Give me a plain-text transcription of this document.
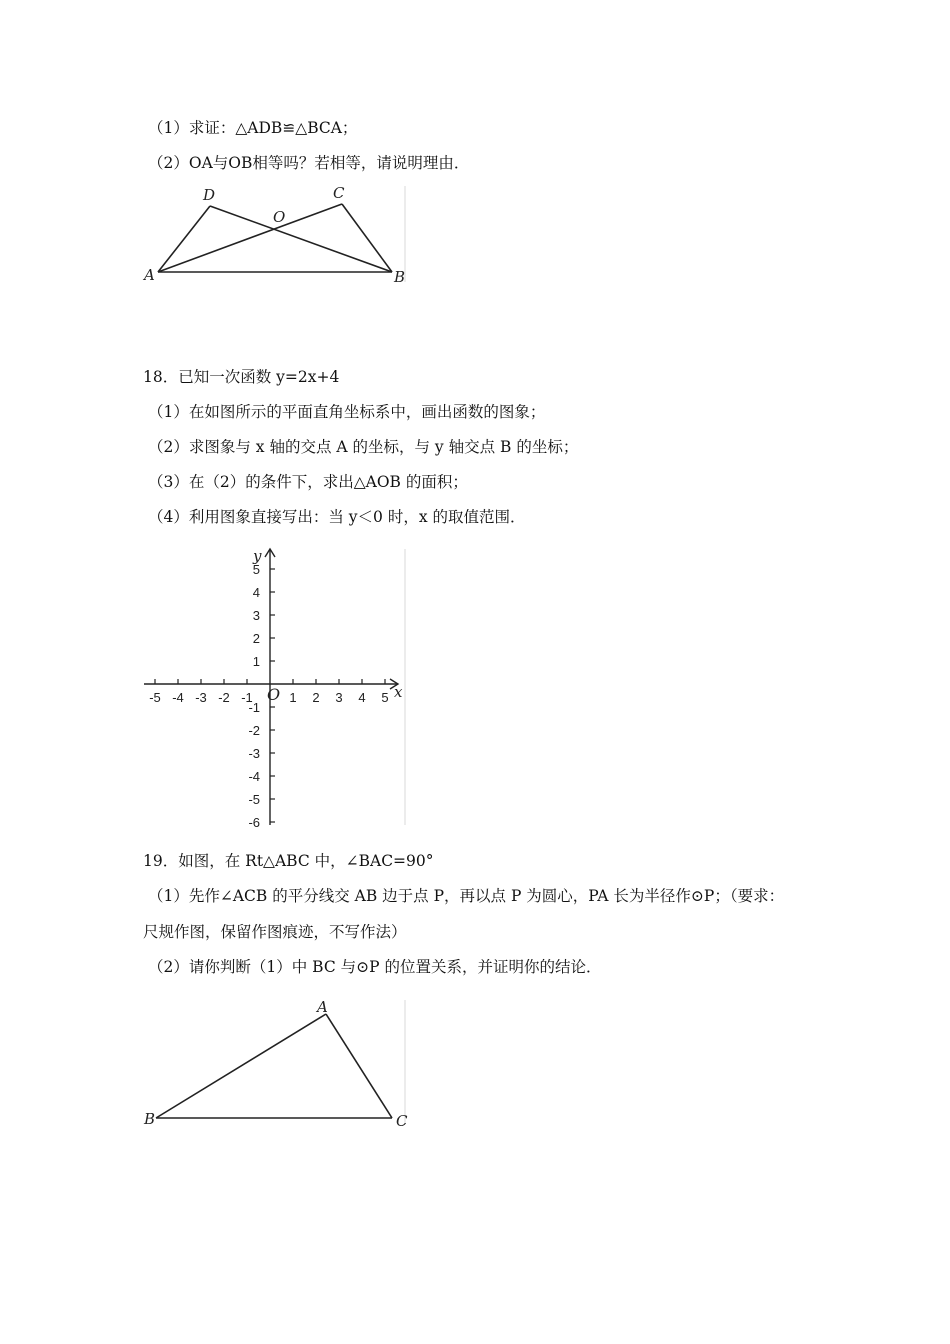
（1）求证：△ADB≌△BCA；
（2）OA与OB相等吗？若相等，请说明理由．
D	C
O
A	B
18．已知一次函数 y=2x+4
（1）在如图所示的平面直角坐标系中，画出函数的图象；
（2）求图象与 x 轴的交点 A 的坐标，与 y 轴交点 B 的坐标；
（3）在（2）的条件下，求出△AOB 的面积；
（4）利用图象直接写出：当 y＜0 时，x 的取值范围．
-5 -4 -3 -2 -1	1 2 3 4 5
5
4
3
2
1
-1
-2
-3
-4
-5
-6
y
x
O
19．如图，在 Rt△ABC 中，∠BAC=90°
（1）先作∠ACB 的平分线交 AB 边于点 P，再以点 P 为圆心，PA 长为半径作⊙P；（要求：
尺规作图，保留作图痕迹，不写作法）
（2）请你判断（1）中 BC 与⊙P 的位置关系，并证明你的结论．
A
B	C
